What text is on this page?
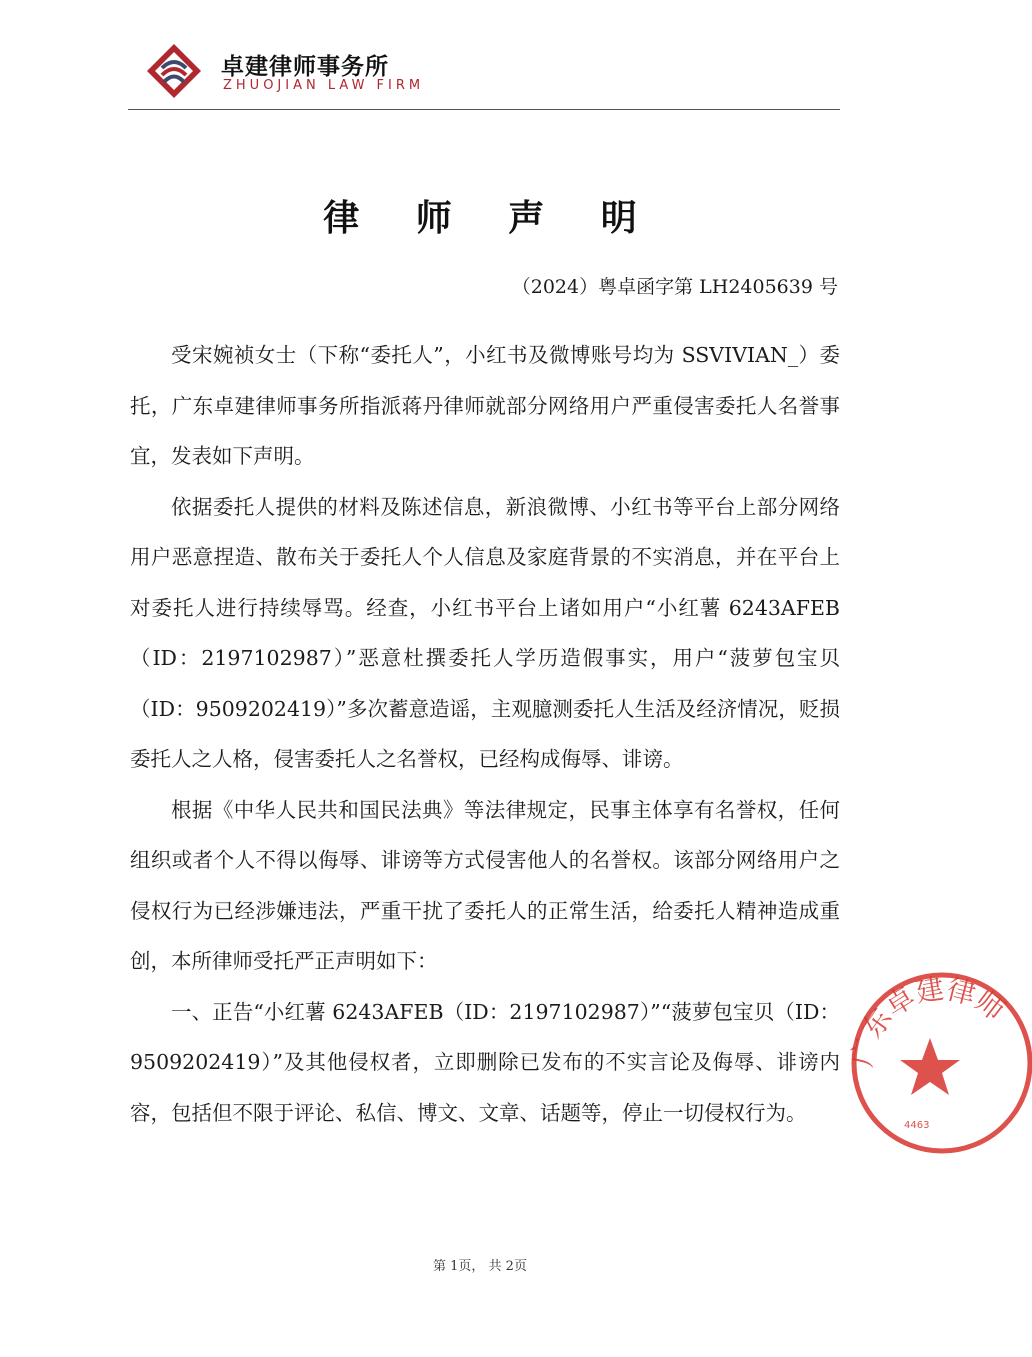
卓建律师事务所
ZHUOJIAN LAW FIRM
律 师 声 明
（2024）粤卓函字第 LH2405639 号

受宋婉祯女士（下称“委托人”，小红书及微博账号均为 SSVIVIAN_）委托，广东卓建律师事务所指派蒋丹律师就部分网络用户严重侵害委托人名誉事宜，发表如下声明。

依据委托人提供的材料及陈述信息，新浪微博、小红书等平台上部分网络用户恶意捏造、散布关于委托人个人信息及家庭背景的不实消息，并在平台上对委托人进行持续辱骂。经查，小红书平台上诸如用户“小红薯 6243AFEB（ID：2197102987）”恶意杜撰委托人学历造假事实，用户“菠萝包宝贝（ID：9509202419）”多次蓄意造谣，主观臆测委托人生活及经济情况，贬损委托人之人格，侵害委托人之名誉权，已经构成侮辱、诽谤。

根据《中华人民共和国民法典》等法律规定，民事主体享有名誉权，任何组织或者个人不得以侮辱、诽谤等方式侵害他人的名誉权。该部分网络用户之侵权行为已经涉嫌违法，严重干扰了委托人的正常生活，给委托人精神造成重创，本所律师受托严正声明如下：

一、正告“小红薯 6243AFEB（ID：2197102987）”“菠萝包宝贝（ID：9509202419）”及其他侵权者，立即删除已发布的不实言论及侮辱、诽谤内容，包括但不限于评论、私信、博文、文章、话题等，停止一切侵权行为。

广东卓建律师
4463
第 1页， 共 2页
